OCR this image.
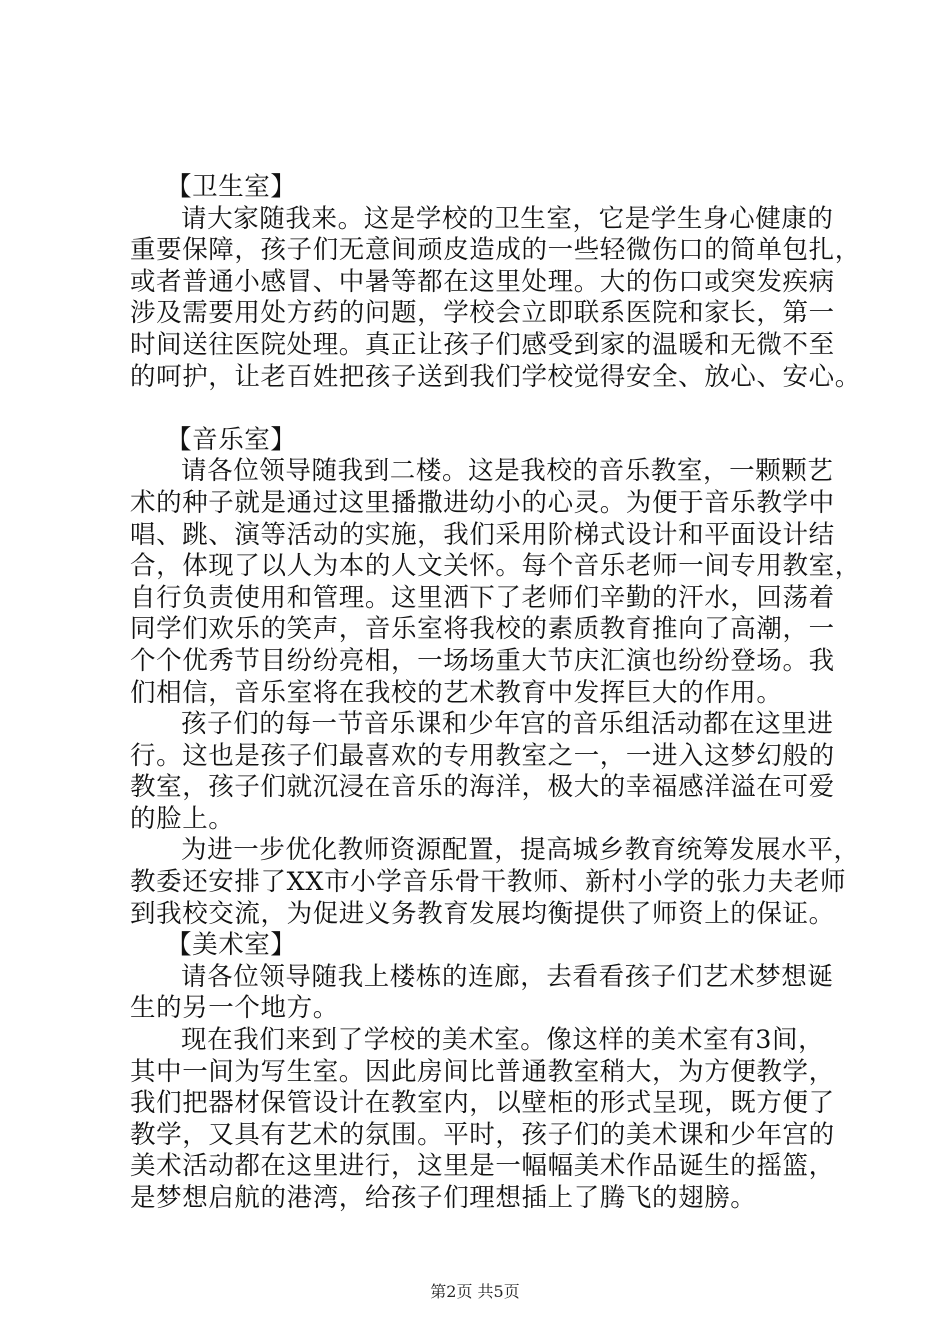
【卫生室】
请大家随我来。这是学校的卫生室，它是学生身心健康的
重要保障，孩子们无意间顽皮造成的一些轻微伤口的简单包扎，
或者普通小感冒、中暑等都在这里处理。大的伤口或突发疾病
涉及需要用处方药的问题，学校会立即联系医院和家长，第一
时间送往医院处理。真正让孩子们感受到家的温暖和无微不至
的呵护，让老百姓把孩子送到我们学校觉得安全、放心、安心。
【音乐室】
请各位领导随我到二楼。这是我校的音乐教室，一颗颗艺
术的种子就是通过这里播撒进幼小的心灵。为便于音乐教学中
唱、跳、演等活动的实施，我们采用阶梯式设计和平面设计结
合，体现了以人为本的人文关怀。每个音乐老师一间专用教室，
自行负责使用和管理。这里洒下了老师们辛勤的汗水，回荡着
同学们欢乐的笑声，音乐室将我校的素质教育推向了高潮，一
个个优秀节目纷纷亮相，一场场重大节庆汇演也纷纷登场。我
们相信，音乐室将在我校的艺术教育中发挥巨大的作用。
孩子们的每一节音乐课和少年宫的音乐组活动都在这里进
行。这也是孩子们最喜欢的专用教室之一，一进入这梦幻般的
教室，孩子们就沉浸在音乐的海洋，极大的幸福感洋溢在可爱
的脸上。
为进一步优化教师资源配置，提高城乡教育统筹发展水平，
教委还安排了XX市小学音乐骨干教师、新村小学的张力夫老师
到我校交流，为促进义务教育发展均衡提供了师资上的保证。
【美术室】
请各位领导随我上楼栋的连廊，去看看孩子们艺术梦想诞
生的另一个地方。
现在我们来到了学校的美术室。像这样的美术室有3间，
其中一间为写生室。因此房间比普通教室稍大，为方便教学，
我们把器材保管设计在教室内，以壁柜的形式呈现，既方便了
教学，又具有艺术的氛围。平时，孩子们的美术课和少年宫的
美术活动都在这里进行，这里是一幅幅美术作品诞生的摇篮，
是梦想启航的港湾，给孩子们理想插上了腾飞的翅膀。
第2页 共5页
